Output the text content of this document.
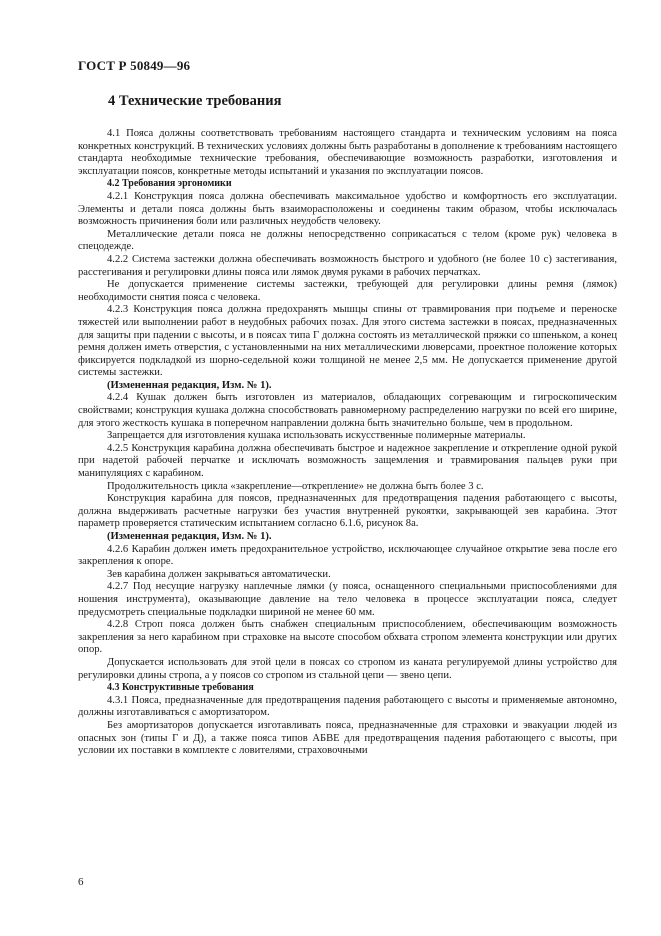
ГОСТ Р 50849—96
4 Технические требования

4.1 Пояса должны соответствовать требованиям настоящего стандарта и техническим условиям на пояса конкретных конструкций. В технических условиях должны быть разработаны в дополнение к требованиям настоящего стандарта необходимые технические требования, обеспечивающие возможность разработки, изготовления и эксплуатации поясов, конкретные методы испытаний и указания по эксплуатации поясов.

4.2 Требования эргономики

4.2.1 Конструкция пояса должна обеспечивать максимальное удобство и комфортность его эксплуатации. Элементы и детали пояса должны быть взаиморасположены и соединены таким образом, чтобы исключалась возможность причинения боли или различных неудобств человеку.

Металлические детали пояса не должны непосредственно соприкасаться с телом (кроме рук) человека в спецодежде.

4.2.2 Система застежки должна обеспечивать возможность быстрого и удобного (не более 10 с) застегивания, расстегивания и регулировки длины пояса или лямок двумя руками в рабочих перчатках.

Не допускается применение системы застежки, требующей для регулировки длины ремня (лямок) необходимости снятия пояса с человека.

4.2.3 Конструкция пояса должна предохранять мышцы спины от травмирования при подъеме и переноске тяжестей или выполнении работ в неудобных рабочих позах. Для этого система застежки в поясах, предназначенных для защиты при падении с высоты, и в поясах типа Г должна состоять из металлической пряжки со шпеньком, а конец ремня должен иметь отверстия, с установленными на них металлическими люверсами, проектное положение которых фиксируется подкладкой из шорно-седельной кожи толщиной не менее 2,5 мм. Не допускается применение другой системы застежки.

(Измененная редакция, Изм. № 1).

4.2.4 Кушак должен быть изготовлен из материалов, обладающих согревающим и гигроскопическим свойствами; конструкция кушака должна способствовать равномерному распределению нагрузки по всей его ширине, для этого жесткость кушака в поперечном направлении должна быть значительно больше, чем в продольном.

Запрещается для изготовления кушака использовать искусственные полимерные материалы.

4.2.5 Конструкция карабина должна обеспечивать быстрое и надежное закрепление и открепление одной рукой при надетой рабочей перчатке и исключать возможность защемления и травмирования пальцев руки при манипуляциях с карабином.

Продолжительность цикла «закрепление—открепление» не должна быть более 3 с.

Конструкция карабина для поясов, предназначенных для предотвращения падения работающего с высоты, должна выдерживать расчетные нагрузки без участия внутренней рукоятки, закрывающей зев карабина. Этот параметр проверяется статическим испытанием согласно 6.1.6, рисунок 8а.

(Измененная редакция, Изм. № 1).

4.2.6 Карабин должен иметь предохранительное устройство, исключающее случайное открытие зева после его закрепления к опоре.

Зев карабина должен закрываться автоматически.

4.2.7 Под несущие нагрузку наплечные лямки (у пояса, оснащенного специальными приспособлениями для ношения инструмента), оказывающие давление на тело человека в процессе эксплуатации пояса, следует предусмотреть специальные подкладки шириной не менее 60 мм.

4.2.8 Строп пояса должен быть снабжен специальным приспособлением, обеспечивающим возможность закрепления за него карабином при страховке на высоте способом обхвата стропом элемента конструкции или других опор.

Допускается использовать для этой цели в поясах со стропом из каната регулируемой длины устройство для регулировки длины стропа, а у поясов со стропом из стальной цепи — звено цепи.

4.3 Конструктивные требования

4.3.1 Пояса, предназначенные для предотвращения падения работающего с высоты и применяемые автономно, должны изготавливаться с амортизатором.

Без амортизаторов допускается изготавливать пояса, предназначенные для страховки и эвакуации людей из опасных зон (типы Г и Д), а также пояса типов АБВЕ для предотвращения падения работающего с высоты, при условии их поставки в комплекте с ловителями, страховочными

6
